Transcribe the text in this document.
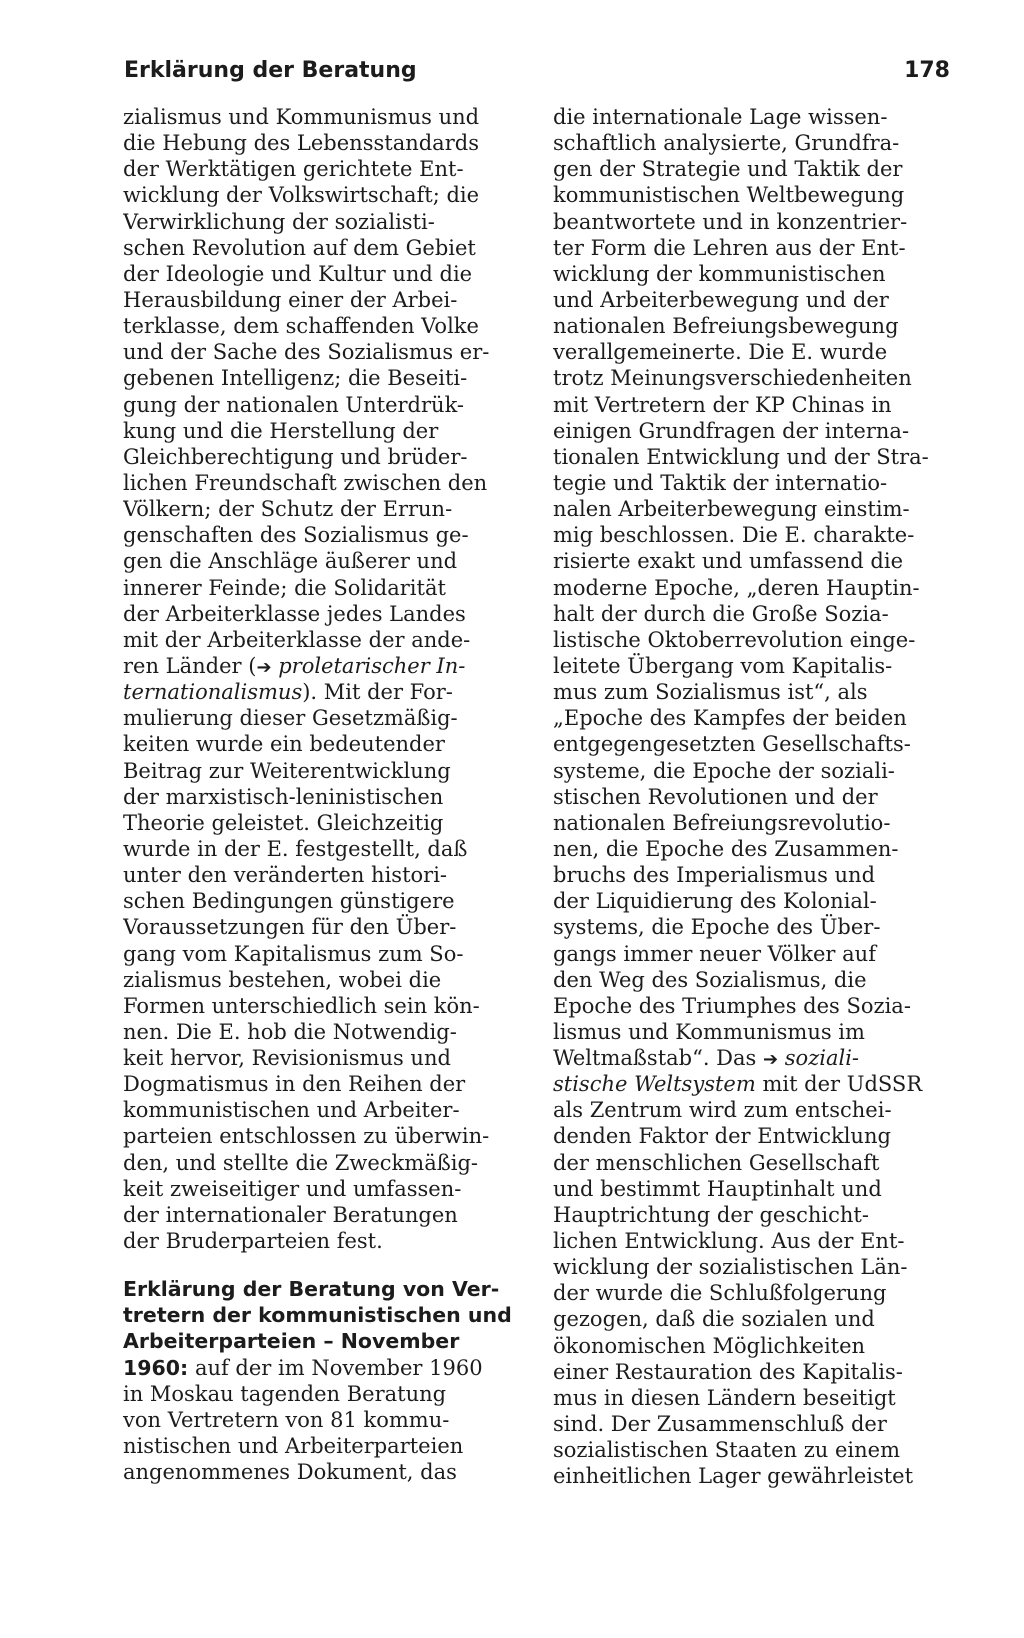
Erklärung der Beratung	178
zialismus und Kommunismus und
die Hebung des Lebensstandards
der Werktätigen gerichtete Ent-
wicklung der Volkswirtschaft; die
Verwirklichung der sozialisti-
schen Revolution auf dem Gebiet
der Ideologie und Kultur und die
Herausbildung einer der Arbei-
terklasse, dem schaffenden Volke
und der Sache des Sozialismus er-
gebenen Intelligenz; die Beseiti-
gung der nationalen Unterdrük-
kung und die Herstellung der
Gleichberechtigung und brüder-
lichen Freundschaft zwischen den
Völkern; der Schutz der Errun-
genschaften des Sozialismus ge-
gen die Anschläge äußerer und
innerer Feinde; die Solidarität
der Arbeiterklasse jedes Landes
mit der Arbeiterklasse der ande-
ren Länder (➔ proletarischer In-
ternationalismus). Mit der For-
mulierung dieser Gesetzmäßig-
keiten wurde ein bedeutender
Beitrag zur Weiterentwicklung
der marxistisch-leninistischen
Theorie geleistet. Gleichzeitig
wurde in der E. festgestellt, daß
unter den veränderten histori-
schen Bedingungen günstigere
Voraussetzungen für den Über-
gang vom Kapitalismus zum So-
zialismus bestehen, wobei die
Formen unterschiedlich sein kön-
nen. Die E. hob die Notwendig-
keit hervor, Revisionismus und
Dogmatismus in den Reihen der
kommunistischen und Arbeiter-
parteien entschlossen zu überwin-
den, und stellte die Zweckmäßig-
keit zweiseitiger und umfassen-
der internationaler Beratungen
der Bruderparteien fest.
Erklärung der Beratung von Ver-
tretern der kommunistischen und
Arbeiterparteien – November
1960: auf der im November 1960
in Moskau tagenden Beratung
von Vertretern von 81 kommu-
nistischen und Arbeiterparteien
angenommenes Dokument, das
die internationale Lage wissen-
schaftlich analysierte, Grundfra-
gen der Strategie und Taktik der
kommunistischen Weltbewegung
beantwortete und in konzentrier-
ter Form die Lehren aus der Ent-
wicklung der kommunistischen
und Arbeiterbewegung und der
nationalen Befreiungsbewegung
verallgemeinerte. Die E. wurde
trotz Meinungsverschiedenheiten
mit Vertretern der KP Chinas in
einigen Grundfragen der interna-
tionalen Entwicklung und der Stra-
tegie und Taktik der internatio-
nalen Arbeiterbewegung einstim-
mig beschlossen. Die E. charakte-
risierte exakt und umfassend die
moderne Epoche, „deren Hauptin-
halt der durch die Große Sozia-
listische Oktoberrevolution einge-
leitete Übergang vom Kapitalis-
mus zum Sozialismus ist“, als
„Epoche des Kampfes der beiden
entgegengesetzten Gesellschafts-
systeme, die Epoche der soziali-
stischen Revolutionen und der
nationalen Befreiungsrevolutio-
nen, die Epoche des Zusammen-
bruchs des Imperialismus und
der Liquidierung des Kolonial-
systems, die Epoche des Über-
gangs immer neuer Völker auf
den Weg des Sozialismus, die
Epoche des Triumphes des Sozia-
lismus und Kommunismus im
Weltmaßstab“. Das ➔ soziali-
stische Weltsystem mit der UdSSR
als Zentrum wird zum entschei-
denden Faktor der Entwicklung
der menschlichen Gesellschaft
und bestimmt Hauptinhalt und
Hauptrichtung der geschicht-
lichen Entwicklung. Aus der Ent-
wicklung der sozialistischen Län-
der wurde die Schlußfolgerung
gezogen, daß die sozialen und
ökonomischen Möglichkeiten
einer Restauration des Kapitalis-
mus in diesen Ländern beseitigt
sind. Der Zusammenschluß der
sozialistischen Staaten zu einem
einheitlichen Lager gewährleistet
